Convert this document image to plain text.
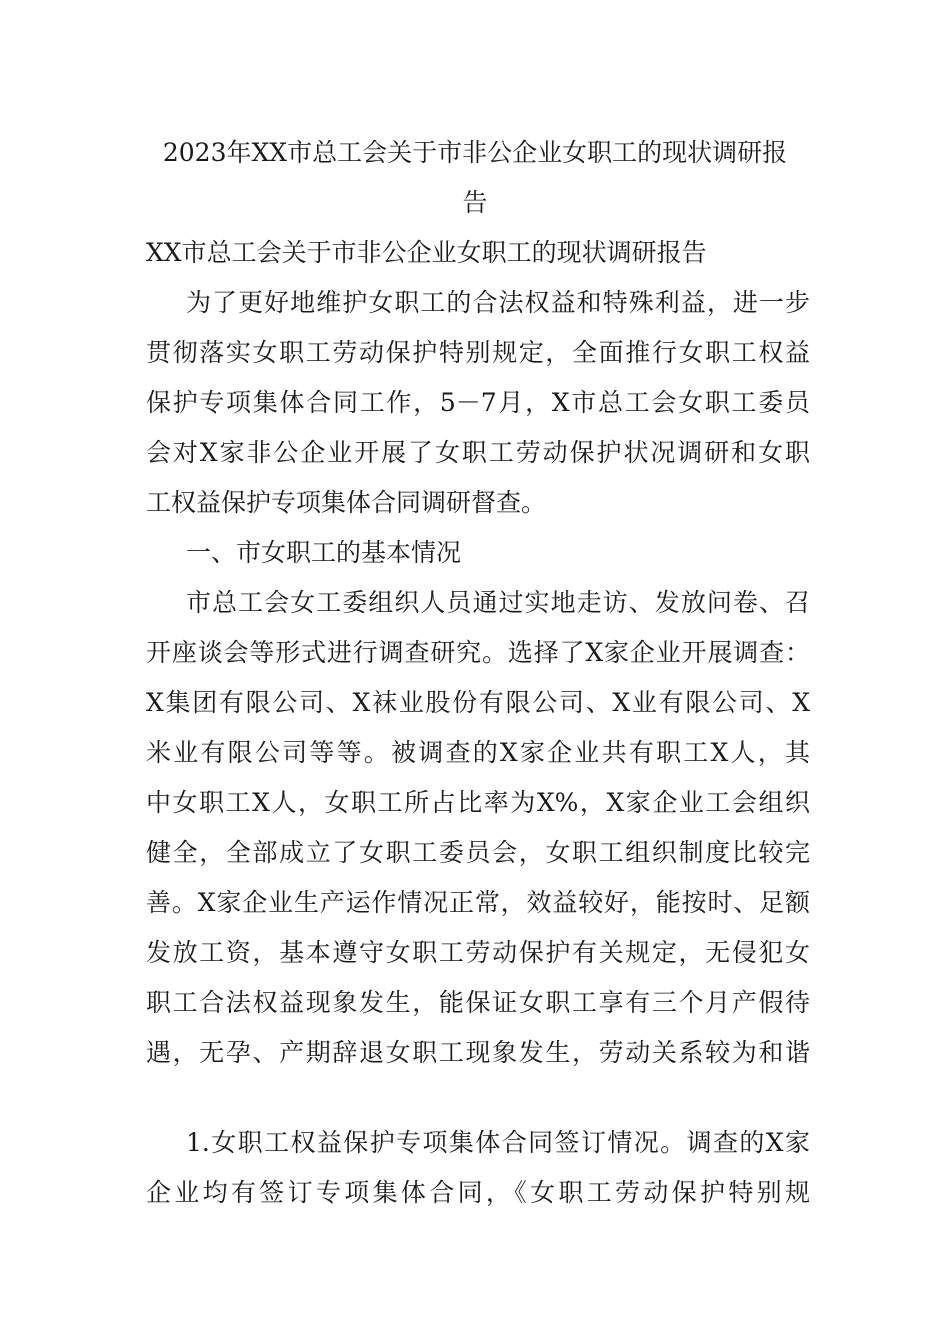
2023年XX市总工会关于市非公企业女职工的现状调研报
告

XX市总工会关于市非公企业女职工的现状调研报告

为了更好地维护女职工的合法权益和特殊利益，进一步

贯彻落实女职工劳动保护特别规定，全面推行女职工权益

保护专项集体合同工作，5－7月，X市总工会女职工委员

会对X家非公企业开展了女职工劳动保护状况调研和女职

工权益保护专项集体合同调研督查。

一、市女职工的基本情况

市总工会女工委组织人员通过实地走访、发放问卷、召

开座谈会等形式进行调查研究。选择了X家企业开展调查：

X集团有限公司、X袜业股份有限公司、X业有限公司、X

米业有限公司等等。被调查的X家企业共有职工X人，其

中女职工X人，女职工所占比率为X%，X家企业工会组织

健全，全部成立了女职工委员会，女职工组织制度比较完

善。X家企业生产运作情况正常，效益较好，能按时、足额

发放工资，基本遵守女职工劳动保护有关规定，无侵犯女

职工合法权益现象发生，能保证女职工享有三个月产假待

遇，无孕、产期辞退女职工现象发生，劳动关系较为和谐

1.女职工权益保护专项集体合同签订情况。调查的X家

企业均有签订专项集体合同，《女职工劳动保护特别规
